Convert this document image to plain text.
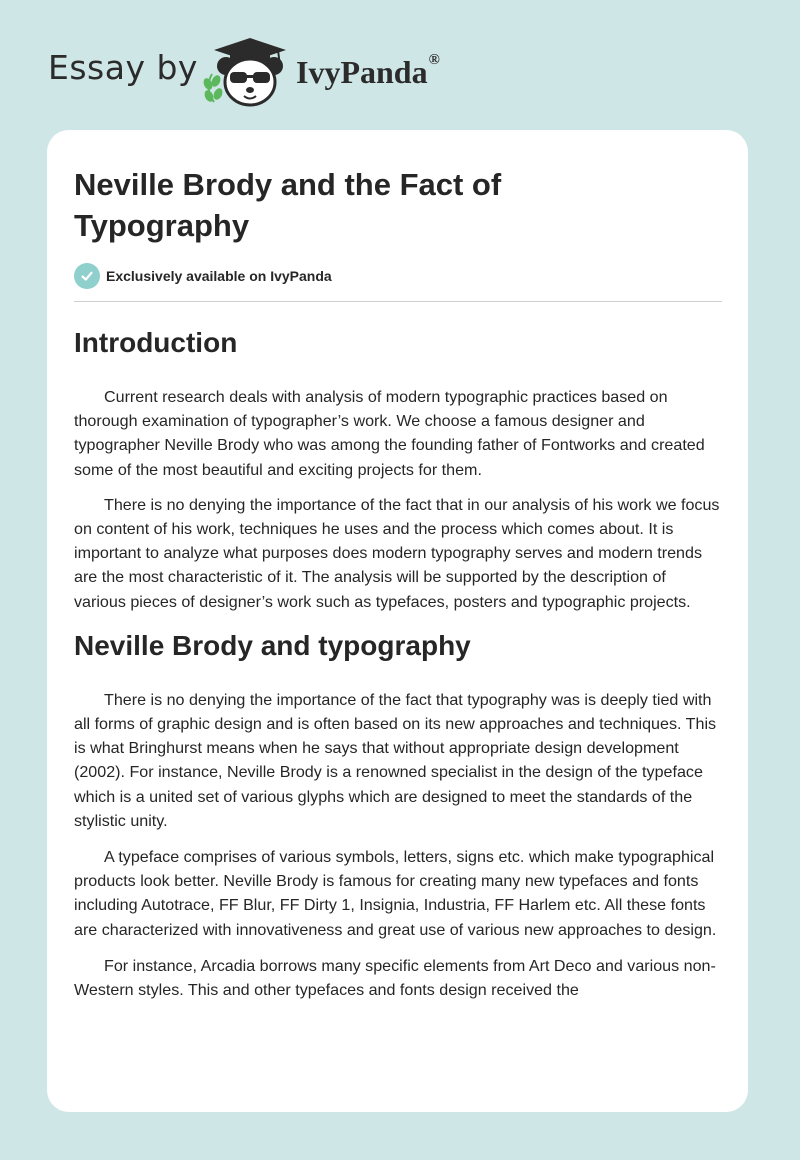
Essay by	IvyPanda®
Neville Brody and the Fact of Typography
Exclusively available on IvyPanda
Introduction

Current research deals with analysis of modern typographic practices based on thorough examination of typographer’s work. We choose a famous designer and typographer Neville Brody who was among the founding father of Fontworks and created some of the most beautiful and exciting projects for them.

There is no denying the importance of the fact that in our analysis of his work we focus on content of his work, techniques he uses and the process which comes about. It is important to analyze what purposes does modern typography serves and modern trends are the most characteristic of it. The analysis will be supported by the description of various pieces of designer’s work such as typefaces, posters and typographic projects.

Neville Brody and typography

There is no denying the importance of the fact that typography was is deeply tied with all forms of graphic design and is often based on its new approaches and techniques. This is what Bringhurst means when he says that without appropriate design development (2002). For instance, Neville Brody is a renowned specialist in the design of the typeface which is a united set of various glyphs which are designed to meet the standards of the stylistic unity.

A typeface comprises of various symbols, letters, signs etc. which make typographical products look better. Neville Brody is famous for creating many new typefaces and fonts including Autotrace, FF Blur, FF Dirty 1, Insignia, Industria, FF Harlem etc. All these fonts are characterized with innovativeness and great use of various new approaches to design.

For instance, Arcadia borrows many specific elements from Art Deco and various non-Western styles. This and other typefaces and fonts design received the
